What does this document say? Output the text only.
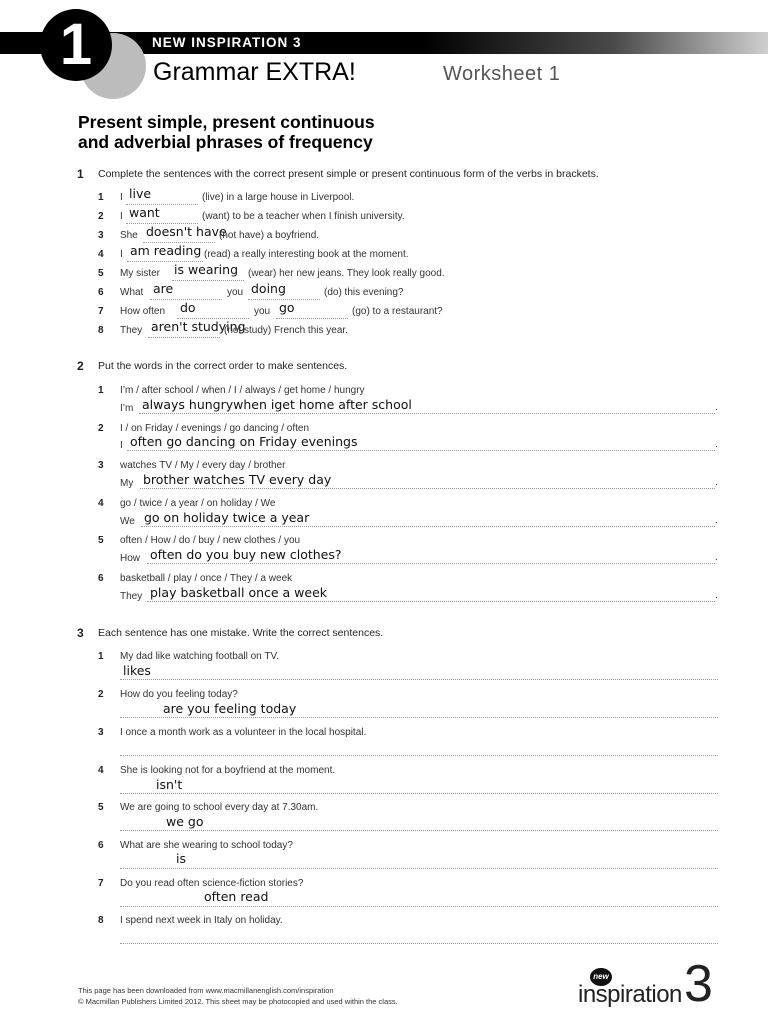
1	NEW INSPIRATION 3
Grammar EXTRA!	Worksheet 1
Present simple, present continuous
and adverbial phrases of frequency
1 Complete the sentences with the correct present simple or present continuous form of the verbs in brackets.
1 I live	(live) in a large house in Liverpool.
2 I want	(want) to be a teacher when I finish university.
3 She doesn't have
(not have) a boyfriend.
4 I am reading (read) a really interesting book at the moment.
5 My sister is wearing (wear) her new jeans. They look really good.
6 What are	you doing	(do) this evening?
7 How often do	you go	(go) to a restaurant?
8 They aren't studying
(not study) French this year.
2 Put the words in the correct order to make sentences.
1 I’m / after school / when / I / always / get home / hungry
I’m	.
always hungrywhen iget home after school
2 I / on Friday / evenings / go dancing / often
I	.
often go dancing on Friday evenings
3 watches TV / My / every day / brother
My	.
brother watches TV every day
4 go / twice / a year / on holiday / We
We	.
go on holiday twice a year
5 often / How / do / buy / new clothes / you
How	.
often do you buy new clothes?
6 basketball / play / once / They / a week
They	.
play basketball once a week
3 Each sentence has one mistake. Write the correct sentences.
1 My dad like watching football on TV.
likes
2 How do you feeling today?
are you feeling today
3 I once a month work as a volunteer in the local hospital.
4 She is looking not for a boyfriend at the moment.
isn't
5 We are going to school every day at 7.30am.
we go
6 What are she wearing to school today?
is
7 Do you read often science-fiction stories?
often read
8 I spend next week in Italy on holiday.
This page has been downloaded from www.macmillanenglish.com/inspiration
© Macmillan Publishers Limited 2012. This sheet may be photocopied and used within the class.
new
inspiration 3
